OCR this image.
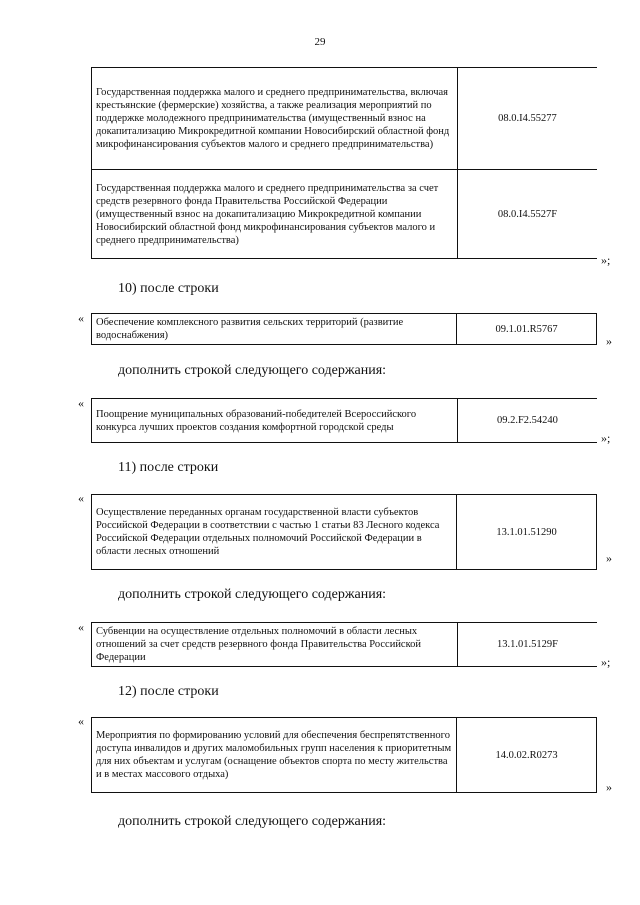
29
Государственная поддержка малого и среднего предпринимательства, включая крестьянские (фермерские) хозяйства, а также реализация мероприятий по поддержке молодежного предпринимательства (имущественный взнос на докапитализацию Микрокредитной компании Новосибирский областной фонд микрофинансирования субъектов малого и среднего предпринимательства)	08.0.I4.55277
Государственная поддержка малого и среднего предпринимательства за счет средств резервного фонда Правительства Российской Федерации (имущественный взнос на докапитализацию Микрокредитной компании Новосибирский областной фонд микрофинансирования субъектов малого и среднего предпринимательства)	08.0.I4.5527F
»;
10) после строки
« Обеспечение комплексного развития сельских территорий (развитие водоснабжения)	09.1.01.R5767
»
дополнить строкой следующего содержания:
«
Поощрение муниципальных образований-победителей Всероссийского конкурса лучших проектов создания комфортной городской среды	09.2.F2.54240
»;
11) после строки
«
Осуществление переданных органам государственной власти субъектов Российской Федерации в соответствии с частью 1 статьи 83 Лесного кодекса Российской Федерации отдельных полномочий Российской Федерации в области лесных отношений	13.1.01.51290
»
дополнить строкой следующего содержания:
« Субвенции на осуществление отдельных полномочий в области лесных отношений за счет средств резервного фонда Правительства Российской Федерации	13.1.01.5129F
»;
12) после строки
«
Мероприятия по формированию условий для обеспечения беспрепятственного доступа инвалидов и других маломобильных групп населения к приоритетным для них объектам и услугам (оснащение объектов спорта по месту жительства и в местах массового отдыха)	14.0.02.R0273
»
дополнить строкой следующего содержания:
